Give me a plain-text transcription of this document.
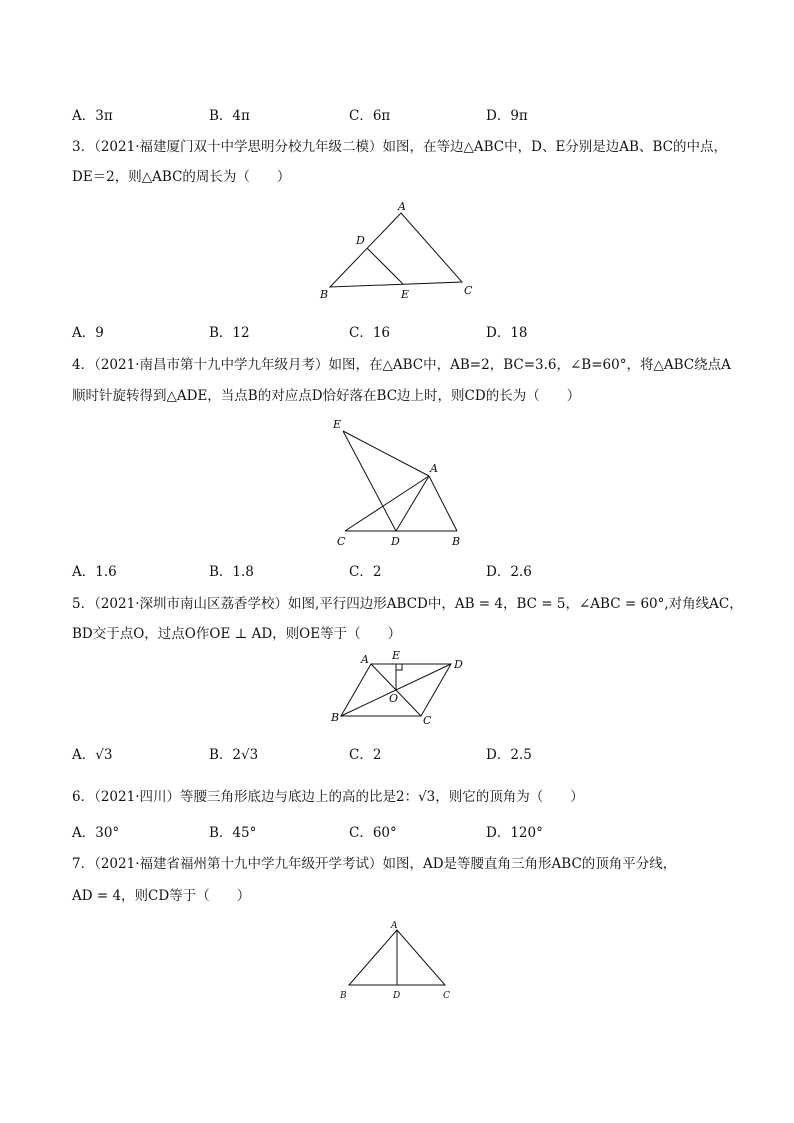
A．3π	B．4π	C．6π	D．9π
3．（2021·福建厦门双十中学思明分校九年级二模）如图，在等边△ABC中，D、E分别是边AB、BC的中点，
DE＝2，则△ABC的周长为（　　）
A
D
B	E	C
A．9	B．12	C．16	D．18
4．（2021·南昌市第十九中学九年级月考）如图，在△ABC中，AB=2，BC=3.6，∠B=60°，将△ABC绕点A
顺时针旋转得到△ADE，当点B的对应点D恰好落在BC边上时，则CD的长为（　　）
E
A
C	D	B
A．1.6	B．1.8	C．2	D．2.6
5．（2021·深圳市南山区荔香学校）如图,平行四边形ABCD中，AB = 4，BC = 5，∠ABC = 60°,对角线AC，
BD交于点O，过点O作OE ⊥ AD，则OE等于（　　）
A E
D
O
B	C
A．√3	B．2√3	C．2	D．2.5
6．（2021·四川）等腰三角形底边与底边上的高的比是2：√3，则它的顶角为（　　）
A．30°	B．45°	C．60°	D．120°
7．（2021·福建省福州第十九中学九年级开学考试）如图，AD是等腰直角三角形ABC的顶角平分线，
AD = 4，则CD等于（　　）
A
B	D	C
